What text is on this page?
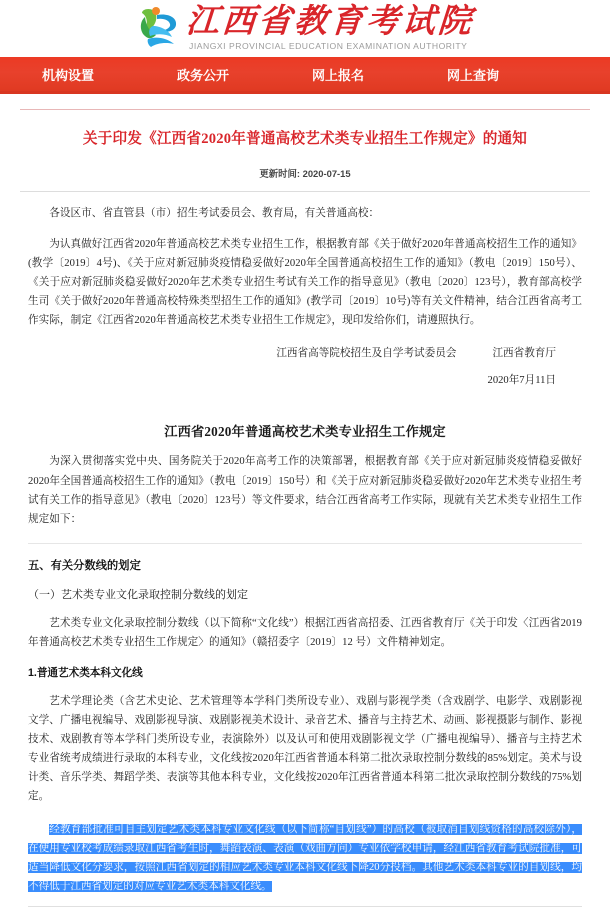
江西省教育考试院
JIANGXI PROVINCIAL EDUCATION EXAMINATION AUTHORITY
机构设置	政务公开	网上报名	网上查询
关于印发《江西省2020年普通高校艺术类专业招生工作规定》的通知
更新时间: 2020-07-15

各设区市、省直管县（市）招生考试委员会、教育局，有关普通高校：

为认真做好江西省2020年普通高校艺术类专业招生工作，根据教育部《关于做好2020年普通高校招生工作的通知》(教学〔2019〕4号)、《关于应对新冠肺炎疫情稳妥做好2020年全国普通高校招生工作的通知》（教电〔2019〕150号）、《关于应对新冠肺炎稳妥做好2020年艺术类专业招生考试有关工作的指导意见》（教电〔2020〕123号），教育部高校学生司《关于做好2020年普通高校特殊类型招生工作的通知》(教学司〔2019〕10号)等有关文件精神，结合江西省高考工作实际，制定《江西省2020年普通高校艺术类专业招生工作规定》，现印发给你们，请遵照执行。

江西省高等院校招生及自学考试委员会	江西省教育厅
2020年7月11日
江西省2020年普通高校艺术类专业招生工作规定

为深入贯彻落实党中央、国务院关于2020年高考工作的决策部署，根据教育部《关于应对新冠肺炎疫情稳妥做好2020年全国普通高校招生工作的通知》（教电〔2019〕150号）和《关于应对新冠肺炎稳妥做好2020年艺术类专业招生考试有关工作的指导意见》（教电〔2020〕123号）等文件要求，结合江西省高考工作实际，现就有关艺术类专业招生工作规定如下：

五、有关分数线的划定
（一）艺术类专业文化录取控制分数线的划定

艺术类专业文化录取控制分数线（以下简称“文化线”）根据江西省高招委、江西省教育厅《关于印发〈江西省2019年普通高校艺术类专业招生工作规定〉的通知》（赣招委字〔2019〕12 号）文件精神划定。

1.普通艺术类本科文化线

艺术学理论类（含艺术史论、艺术管理等本学科门类所设专业）、戏剧与影视学类（含戏剧学、电影学、戏剧影视文学、广播电视编导、戏剧影视导演、戏剧影视美术设计、录音艺术、播音与主持艺术、动画、影视摄影与制作、影视技术、戏剧教育等本学科门类所设专业，表演除外）以及认可和使用戏剧影视文学（广播电视编导）、播音与主持艺术专业省统考成绩进行录取的本科专业，文化线按2020年江西省普通本科第二批次录取控制分数线的85%划定。美术与设计类、音乐学类、舞蹈学类、表演等其他本科专业，文化线按2020年江西省普通本科第二批次录取控制分数线的75%划定。

经教育部批准可自主划定艺术类本科专业文化线（以下简称“自划线”）的高校（被取消自划线资格的高校除外），在使用专业校考成绩录取江西省考生时，舞蹈表演、表演（戏曲方向）专业依学校申请，经江西省教育考试院批准，可适当降低文化分要求，按照江西省划定的相应艺术类专业本科文化线下降20分投档。其他艺术类本科专业的自划线，均不得低于江西省划定的对应专业艺术类本科文化线。
